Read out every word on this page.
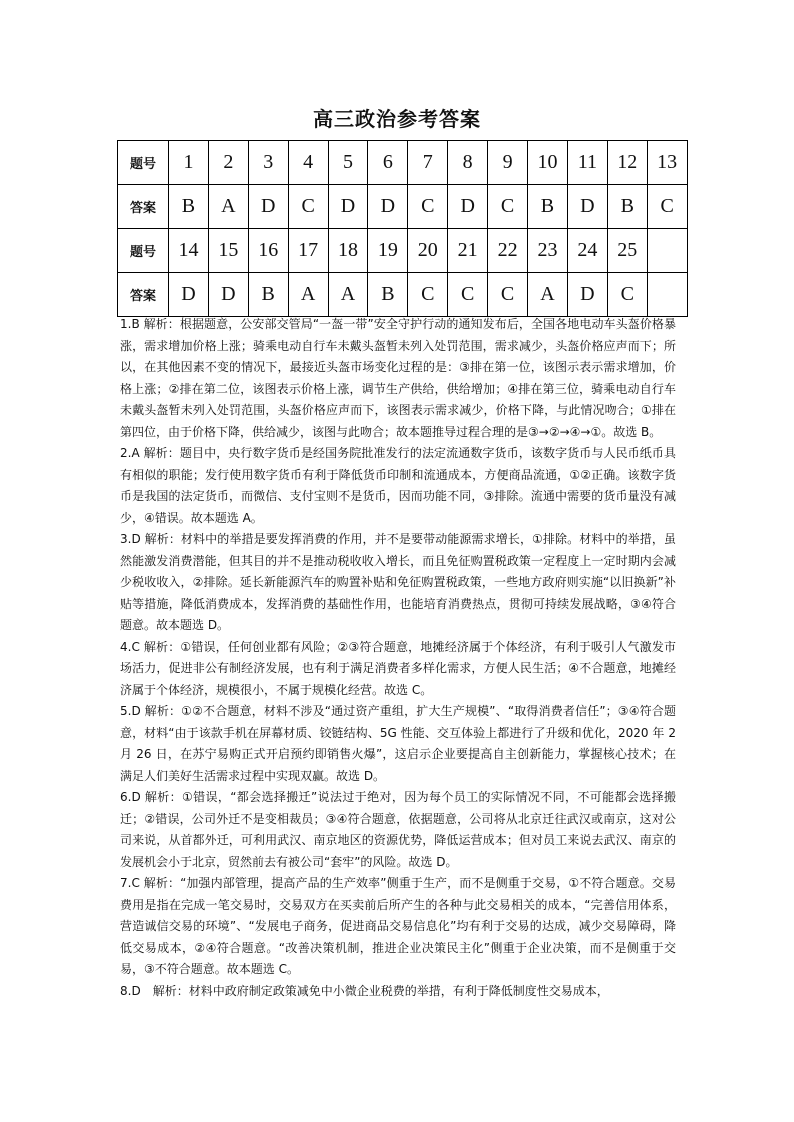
高三政治参考答案
题号	1	2	3	4	5	6	7	8	9	10	11	12	13
答案	B	A	D	C	D	D	C	D	C	B	D	B	C
题号	14	15	16	17	18	19	20	21	22	23	24	25	
答案	D	D	B	A	A	B	C	C	C	A	D	C	

1.B 解析：根据题意，公安部交管局“一盔一带”安全守护行动的通知发布后，全国各地电动车头盔价格暴涨，需求增加价格上涨；骑乘电动自行车未戴头盔暂未列入处罚范围，需求减少，头盔价格应声而下；所以，在其他因素不变的情况下，最接近头盔市场变化过程的是：③排在第一位，该图示表示需求增加，价格上涨；②排在第二位，该图表示价格上涨，调节生产供给，供给增加；④排在第三位，骑乘电动自行车未戴头盔暂未列入处罚范围，头盔价格应声而下，该图表示需求减少，价格下降，与此情况吻合；①排在第四位，由于价格下降，供给减少，该图与此吻合；故本题推导过程合理的是③→②→④→①。故选 B。

2.A 解析：题目中，央行数字货币是经国务院批准发行的法定流通数字货币，该数字货币与人民币纸币具有相似的职能；发行使用数字货币有利于降低货币印制和流通成本，方便商品流通，①②正确。该数字货币是我国的法定货币，而微信、支付宝则不是货币，因而功能不同，③排除。流通中需要的货币量没有减少，④错误。故本题选 A。

3.D 解析：材料中的举措是要发挥消费的作用，并不是要带动能源需求增长，①排除。材料中的举措，虽然能激发消费潜能，但其目的并不是推动税收收入增长，而且免征购置税政策一定程度上一定时期内会减少税收收入，②排除。延长新能源汽车的购置补贴和免征购置税政策，一些地方政府则实施“以旧换新”补贴等措施，降低消费成本，发挥消费的基础性作用，也能培育消费热点，贯彻可持续发展战略，③④符合题意。故本题选 D。

4.C 解析：①错误，任何创业都有风险；②③符合题意，地摊经济属于个体经济，有利于吸引人气激发市场活力，促进非公有制经济发展，也有利于满足消费者多样化需求，方便人民生活；④不合题意，地摊经济属于个体经济，规模很小，不属于规模化经营。故选 C。

5.D 解析：①②不合题意，材料不涉及“通过资产重组，扩大生产规模”、“取得消费者信任”；③④符合题意，材料“由于该款手机在屏幕材质、铰链结构、5G 性能、交互体验上都进行了升级和优化，2020 年 2 月 26 日，在苏宁易购正式开启预约即销售火爆”，这启示企业要提高自主创新能力，掌握核心技术；在满足人们美好生活需求过程中实现双赢。故选 D。

6.D 解析：①错误，“都会选择搬迁”说法过于绝对，因为每个员工的实际情况不同，不可能都会选择搬迁；②错误，公司外迁不是变相裁员；③④符合题意，依据题意，公司将从北京迁往武汉或南京，这对公司来说，从首都外迁，可利用武汉、南京地区的资源优势，降低运营成本；但对员工来说去武汉、南京的发展机会小于北京，贸然前去有被公司“套牢”的风险。故选 D。

7.C 解析：“加强内部管理，提高产品的生产效率”侧重于生产，而不是侧重于交易，①不符合题意。交易费用是指在完成一笔交易时，交易双方在买卖前后所产生的各种与此交易相关的成本，“完善信用体系，营造诚信交易的环境”、“发展电子商务，促进商品交易信息化”均有利于交易的达成，减少交易障碍，降低交易成本，②④符合题意。“改善决策机制，推进企业决策民主化”侧重于企业决策，而不是侧重于交易，③不符合题意。故本题选 C。

8.D　解析：材料中政府制定政策减免中小微企业税费的举措，有利于降低制度性交易成本，
